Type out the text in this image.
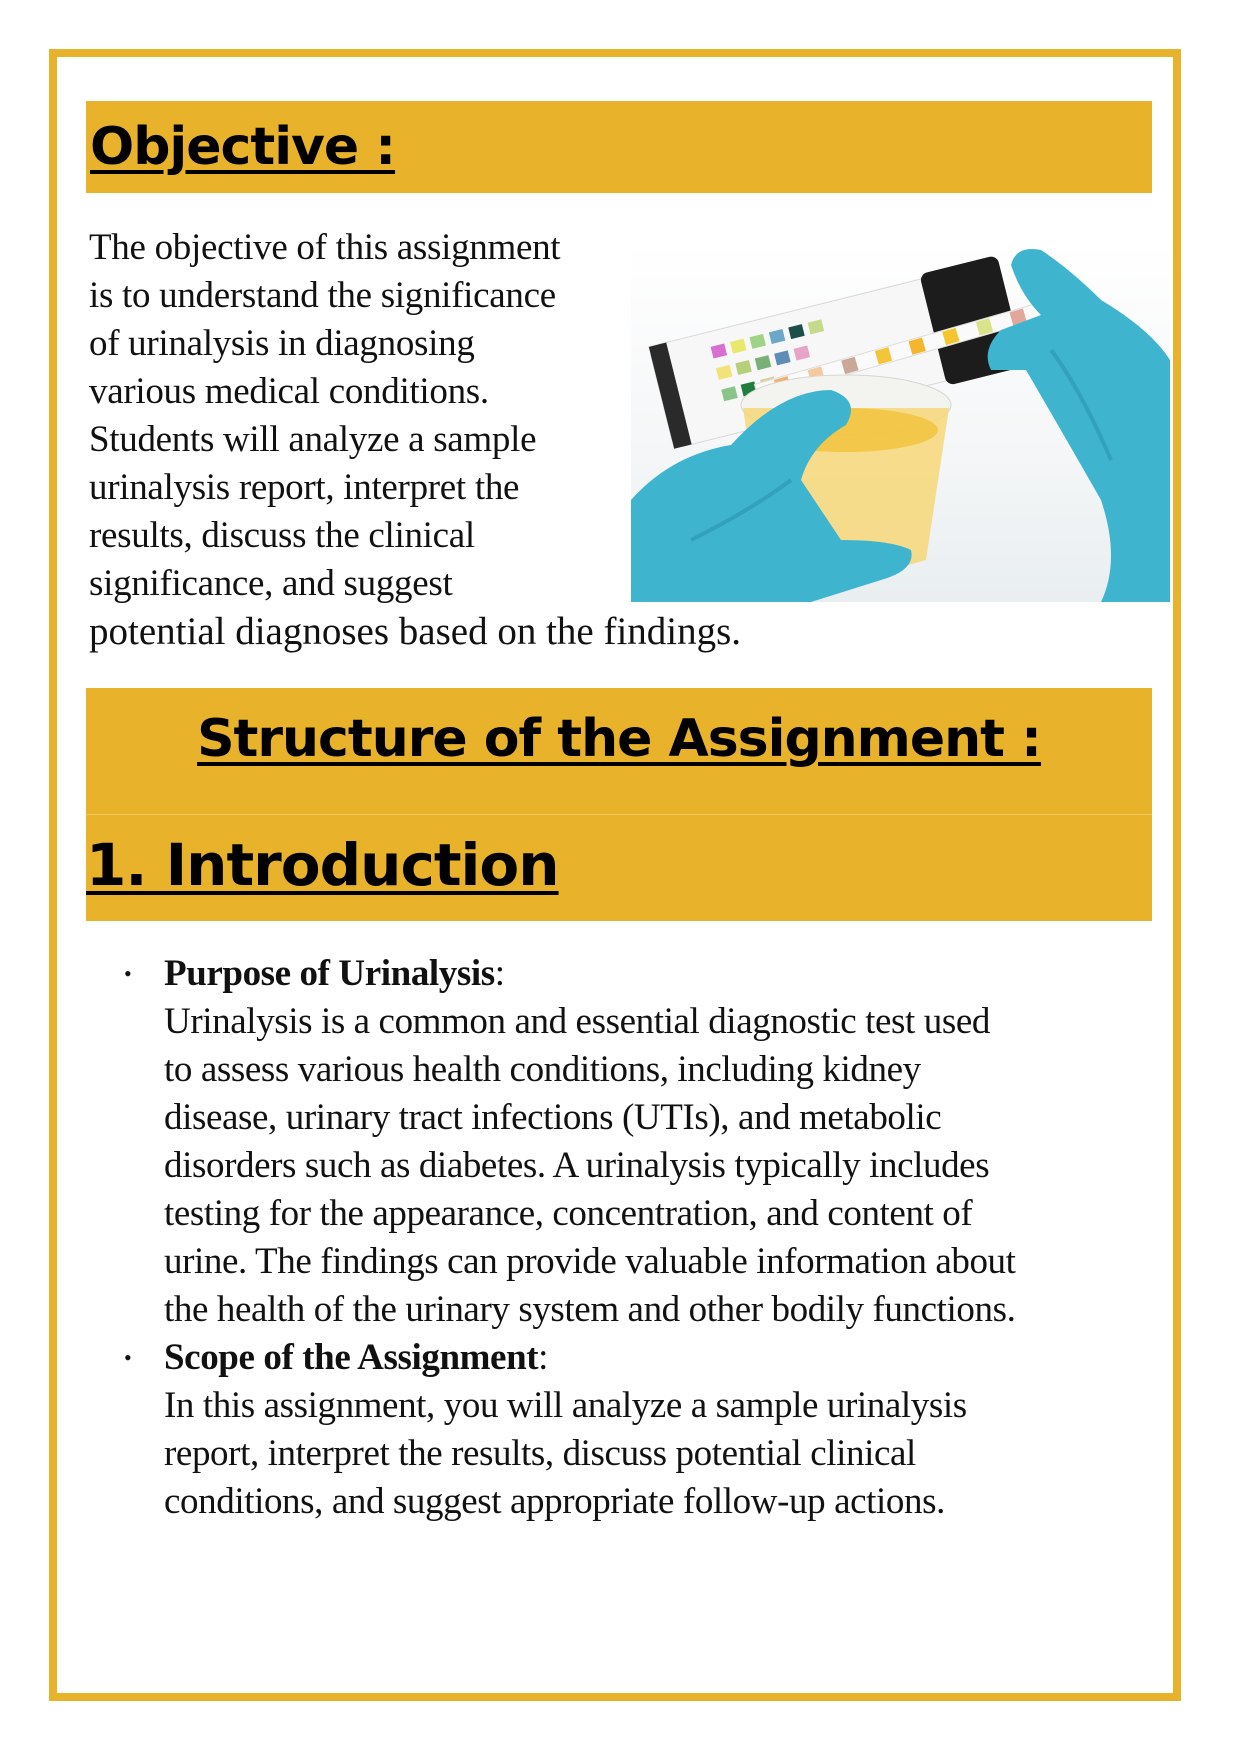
Objective :
The objective of this assignment
is to understand the significance
of urinalysis in diagnosing
various medical conditions.
Students will analyze a sample
urinalysis report, interpret the
results, discuss the clinical
significance, and suggest
potential diagnoses based on the findings.
Structure of the Assignment :
1. Introduction
• Purpose of Urinalysis:
Urinalysis is a common and essential diagnostic test used
to assess various health conditions, including kidney
disease, urinary tract infections (UTIs), and metabolic
disorders such as diabetes. A urinalysis typically includes
testing for the appearance, concentration, and content of
urine. The findings can provide valuable information about
the health of the urinary system and other bodily functions.
• Scope of the Assignment:
In this assignment, you will analyze a sample urinalysis
report, interpret the results, discuss potential clinical
conditions, and suggest appropriate follow-up actions.
